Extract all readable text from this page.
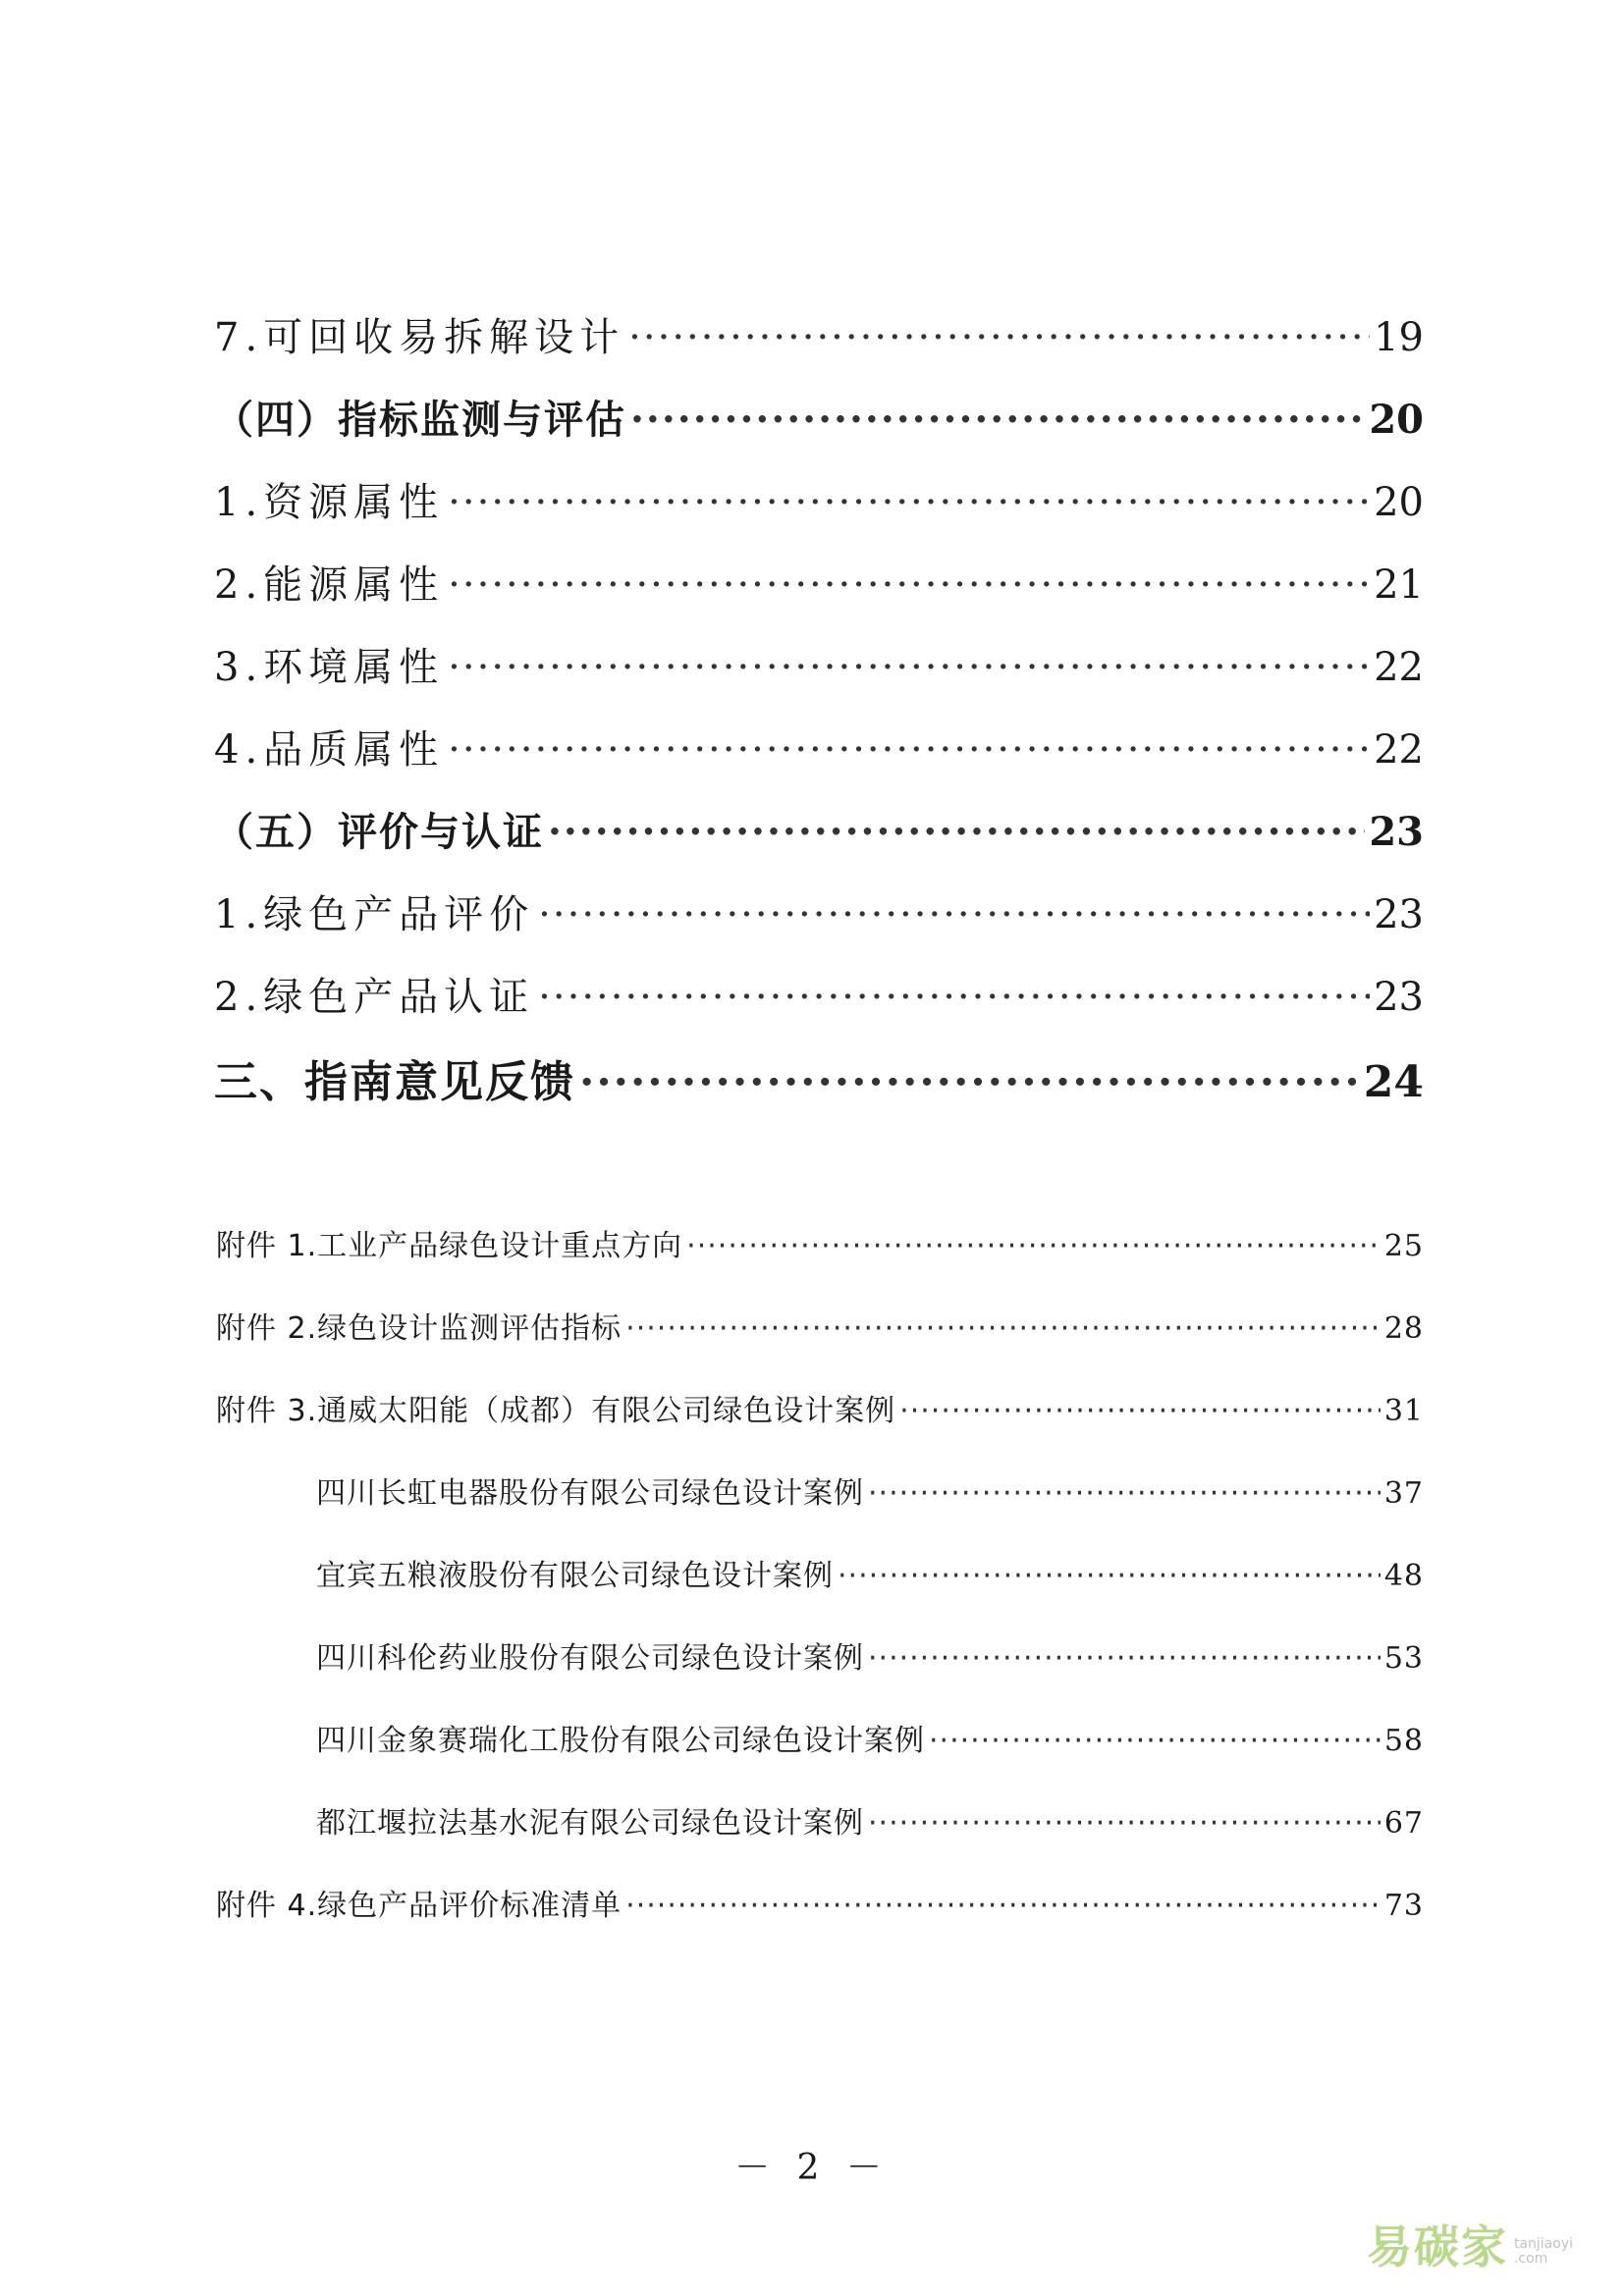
7.可回收易拆解设计 ·····	19
（四）指标监测与评估 ·····	20
1.资源属性 ·····	20
2.能源属性 ·····	21
3.环境属性 ·····	22
4.品质属性 ·····	22
（五）评价与认证 ·····	23
1.绿色产品评价 ·····	23
2.绿色产品认证 ·····	23
三、指南意见反馈 ·····	24
附件 1.工业产品绿色设计重点方向 ·····	25
附件 2.绿色设计监测评估指标 ·····	28
附件 3.通威太阳能（成都）有限公司绿色设计案例 ·····	31
四川长虹电器股份有限公司绿色设计案例 ·····	37
宜宾五粮液股份有限公司绿色设计案例 ·····	48
四川科伦药业股份有限公司绿色设计案例 ·····	53
四川金象赛瑞化工股份有限公司绿色设计案例 ·····	58
都江堰拉法基水泥有限公司绿色设计案例 ·····	67
附件 4.绿色产品评价标准清单 ·····	73
－ 2 －
易碳家 tanjiaoyi
.com
